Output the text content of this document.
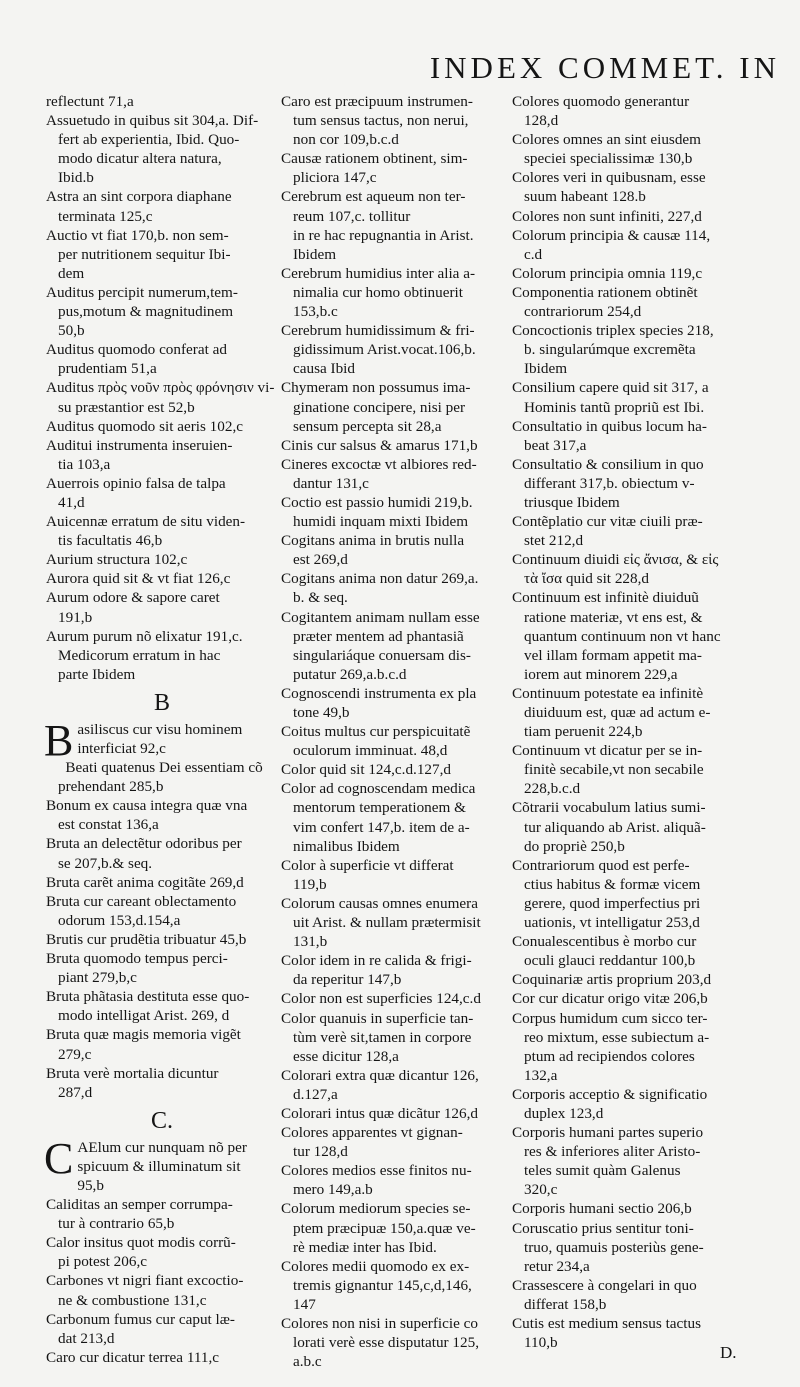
INDEX COMMET. IN
reflectunt 71,a
Assuetudo in quibus sit 304,a. Dif-
fert ab experientia, Ibid. Quo-
modo dicatur altera natura,
Ibid.b
Astra an sint corpora diaphane
terminata 125,c
Auctio vt fiat 170,b. non sem-
per nutritionem sequitur Ibi-
dem
Auditus percipit numerum,tem-
pus,motum & magnitudinem
50,b
Auditus quomodo conferat ad
prudentiam 51,a
Auditus πρὸς νοῦν πρὸς φρόνησιν vi-
su præstantior est 52,b
Auditus quomodo sit aeris 102,c
Auditui instrumenta inseruien-
tia 103,a
Auerrois opinio falsa de talpa
41,d
Auicennæ erratum de situ viden-
tis facultatis 46,b
Aurium structura 102,c
Aurora quid sit & vt fiat 126,c
Aurum odore & sapore caret
191,b
Aurum purum nõ elixatur 191,c.
Medicorum erratum in hac
parte Ibidem
B
B asiliscus cur visu hominem
interficiat 92,c
Beati quatenus Dei essentiam cõ
prehendant 285,b
Bonum ex causa integra quæ vna
est constat 136,a
Bruta an delectẽtur odoribus per
se 207,b.& seq.
Bruta carẽt anima cogitãte 269,d
Bruta cur careant oblectamento
odorum 153,d.154,a
Brutis cur prudẽtia tribuatur 45,b
Bruta quomodo tempus perci-
piant 279,b,c
Bruta phãtasia destituta esse quo-
modo intelligat Arist. 269, d
Bruta quæ magis memoria vigẽt
279,c
Bruta verè mortalia dicuntur
287,d
C.
C AElum cur nunquam nõ per
spicuum & illuminatum sit
95,b
Caliditas an semper corrumpa-
tur à contrario 65,b
Calor insitus quot modis corrũ-
pi potest 206,c
Carbones vt nigri fiant excoctio-
ne & combustione 131,c
Carbonum fumus cur caput læ-
dat 213,d
Caro cur dicatur terrea 111,c
Caro est præcipuum instrumen-
tum sensus tactus, non nerui,
non cor 109,b.c.d
Causæ rationem obtinent, sim-
pliciora 147,c
Cerebrum est aqueum non ter-
reum 107,c. tollitur
in re hac repugnantia in Arist.
Ibidem
Cerebrum humidius inter alia a-
nimalia cur homo obtinuerit
153,b.c
Cerebrum humidissimum & fri-
gidissimum Arist.vocat.106,b.
causa Ibid
Chymeram non possumus ima-
ginatione concipere, nisi per
sensum percepta sit 28,a
Cinis cur salsus & amarus 171,b
Cineres excoctæ vt albiores red-
dantur 131,c
Coctio est passio humidi 219,b.
humidi inquam mixti Ibidem
Cogitans anima in brutis nulla
est 269,d
Cogitans anima non datur 269,a.
b. & seq.
Cogitantem animam nullam esse
præter mentem ad phantasiã
singulariáque conuersam dis-
putatur 269,a.b.c.d
Cognoscendi instrumenta ex pla
tone 49,b
Coitus multus cur perspicuitatẽ
oculorum imminuat. 48,d
Color quid sit 124,c.d.127,d
Color ad cognoscendam medica
mentorum temperationem &
vim confert 147,b. item de a-
nimalibus Ibidem
Color à superficie vt differat
119,b
Colorum causas omnes enumera
uit Arist. & nullam prætermisit
131,b
Color idem in re calida & frigi-
da reperitur 147,b
Color non est superficies 124,c.d
Color quanuis in superficie tan-
tùm verè sit,tamen in corpore
esse dicitur 128,a
Colorari extra quæ dicantur 126,
d.127,a
Colorari intus quæ dicãtur 126,d
Colores apparentes vt gignan-
tur 128,d
Colores medios esse finitos nu-
mero 149,a.b
Colorum mediorum species se-
ptem præcipuæ 150,a.quæ ve-
rè mediæ inter has Ibid.
Colores medii quomodo ex ex-
tremis gignantur 145,c,d,146,
147
Colores non nisi in superficie co
lorati verè esse disputatur 125,
a.b.c
Colores quomodo generantur
128,d
Colores omnes an sint eiusdem
speciei specialissimæ 130,b
Colores veri in quibusnam, esse
suum habeant 128.b
Colores non sunt infiniti, 227,d
Colorum principia & causæ 114,
c.d
Colorum principia omnia 119,c
Componentia rationem obtinẽt
contrariorum 254,d
Concoctionis triplex species 218,
b. singularúmque excremẽta
Ibidem
Consilium capere quid sit 317, a
Hominis tantũ propriũ est Ibi.
Consultatio in quibus locum ha-
beat 317,a
Consultatio & consilium in quo
differant 317,b. obiectum v-
triusque Ibidem
Contẽplatio cur vitæ ciuili præ-
stet 212,d
Continuum diuidi εἰς ἄνισα, & εἰς
τὰ ἴσα quid sit 228,d
Continuum est infinitè diuiduũ
ratione materiæ, vt ens est, &
quantum continuum non vt hanc
vel illam formam appetit ma-
iorem aut minorem 229,a
Continuum potestate ea infinitè
diuiduum est, quæ ad actum e-
tiam peruenit 224,b
Continuum vt dicatur per se in-
finitè secabile,vt non secabile
228,b.c.d
Cõtrarii vocabulum latius sumi-
tur aliquando ab Arist. aliquã-
do propriè 250,b
Contrariorum quod est perfe-
ctius habitus & formæ vicem
gerere, quod imperfectius pri
uationis, vt intelligatur 253,d
Conualescentibus è morbo cur
oculi glauci reddantur 100,b
Coquinariæ artis proprium 203,d
Cor cur dicatur origo vitæ 206,b
Corpus humidum cum sicco ter-
reo mixtum, esse subiectum a-
ptum ad recipiendos colores
132,a
Corporis acceptio & significatio
duplex 123,d
Corporis humani partes superio
res & inferiores aliter Aristo-
teles sumit quàm Galenus
320,c
Corporis humani sectio 206,b
Coruscatio prius sentitur toni-
truo, quamuis posteriùs gene-
retur 234,a
Crassescere à congelari in quo
differat 158,b
Cutis est medium sensus tactus
110,b
D.
